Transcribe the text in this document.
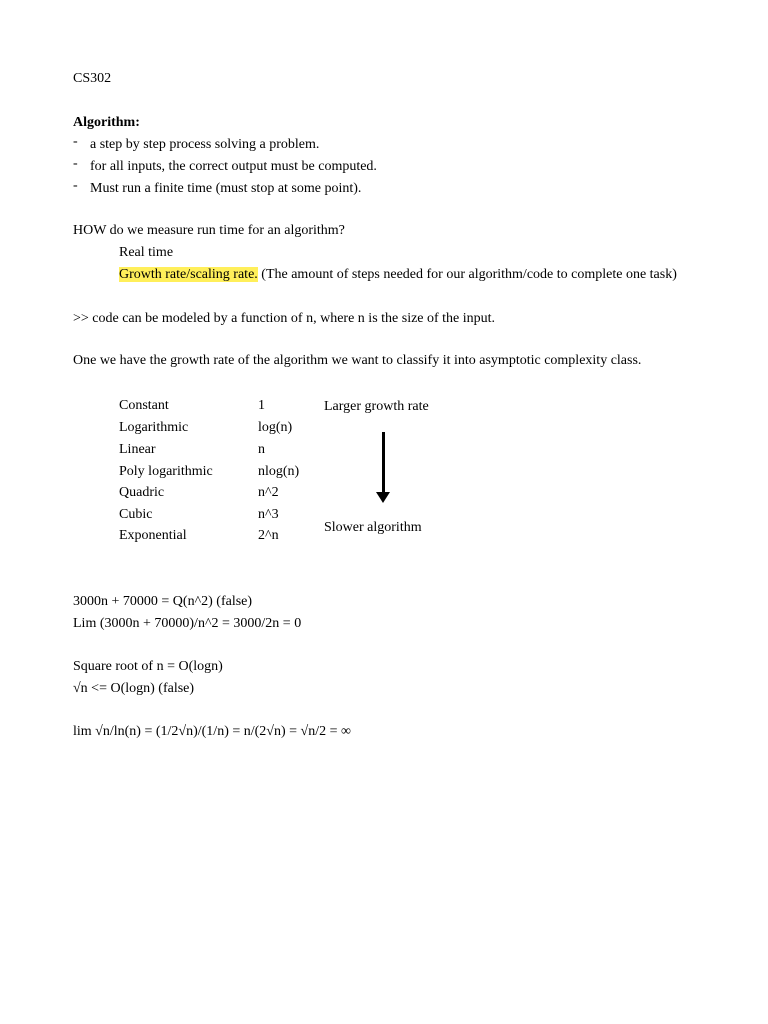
CS302
Algorithm:
- a step by step process solving a problem.
- for all inputs, the correct output must be computed.
- Must run a finite time (must stop at some point).
HOW do we measure run time for an algorithm?
Real time
Growth rate/scaling rate. (The amount of steps needed for our algorithm/code to complete one task)
>> code can be modeled by a function of n, where n is the size of the input.
One we have the growth rate of the algorithm we want to classify it into asymptotic complexity class.
Constant	1
Logarithmic	log(n)
Linear	n
Poly logarithmic	nlog(n)
Quadric	n^2
Cubic	n^3
Exponential	2^n
Larger growth rate
Slower algorithm
3000n + 70000 = Q(n^2) (false)
Lim (3000n + 70000)/n^2 = 3000/2n = 0
Square root of n = O(logn)
√n <= O(logn) (false)
lim √n/ln(n) = (1/2√n)/(1/n) = n/(2√n) = √n/2 = ∞
